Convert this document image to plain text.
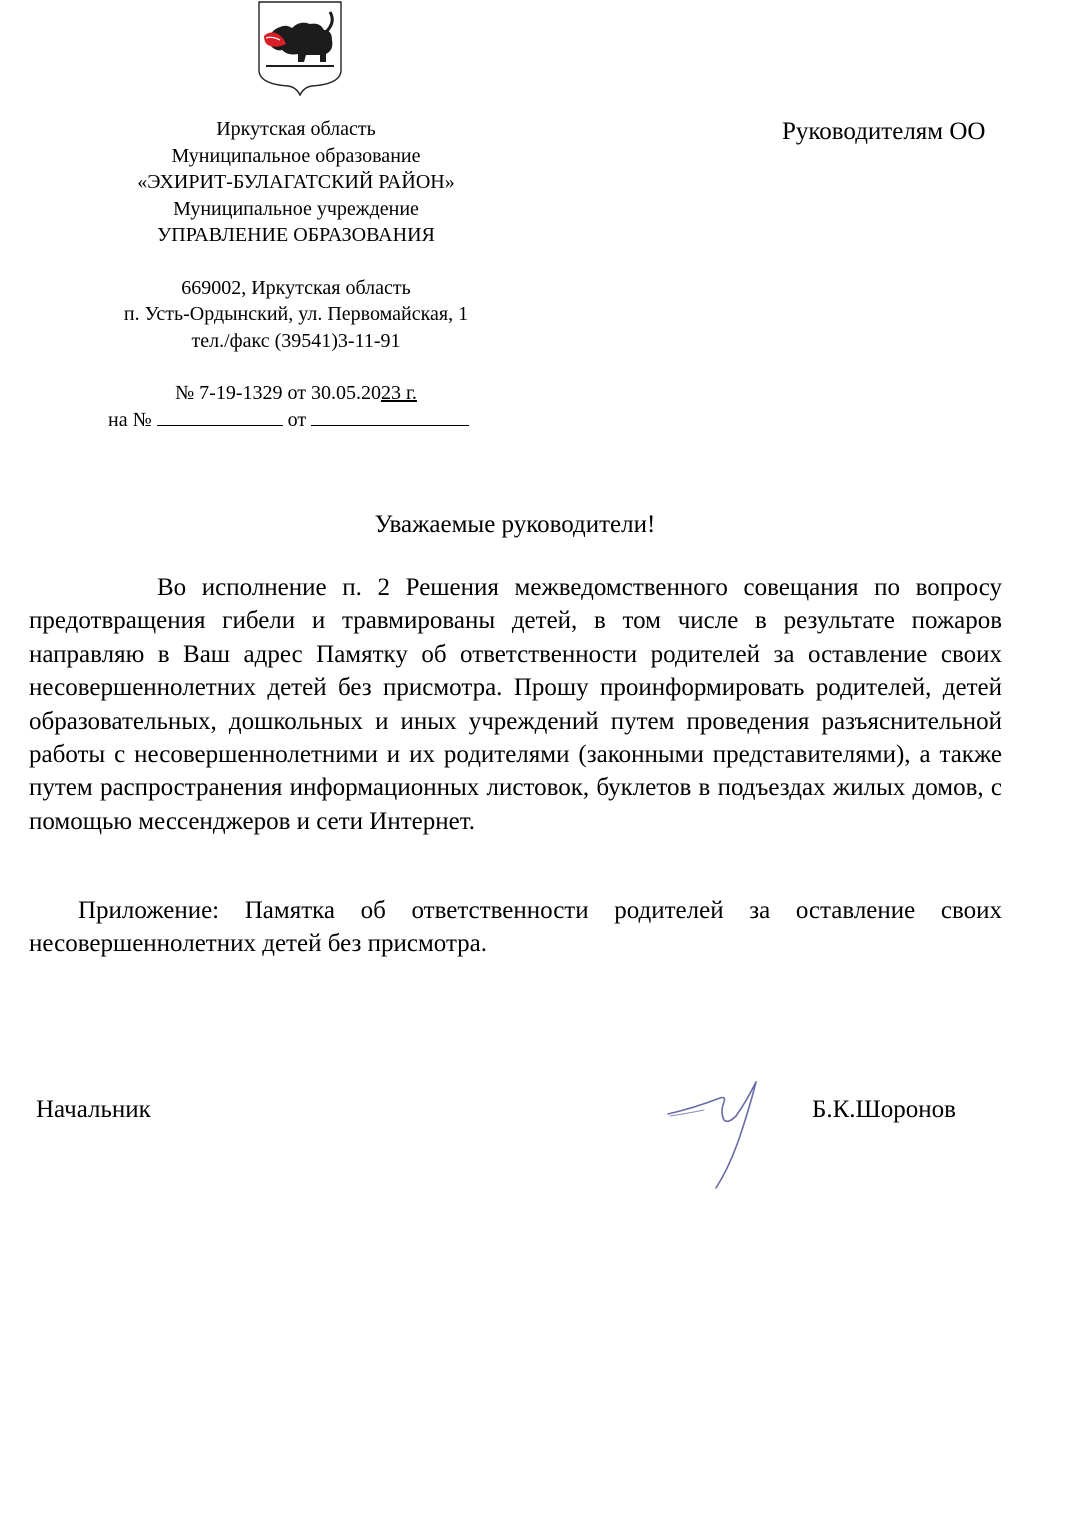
Иркутская область
Муниципальное образование
«ЭХИРИТ-БУЛАГАТСКИЙ РАЙОН»
Муниципальное учреждение
УПРАВЛЕНИЕ ОБРАЗОВАНИЯ
669002, Иркутская область
п. Усть-Ордынский, ул. Первомайская, 1
тел./факс (39541)3-11-91
№ 7-19-1329 от 30.05.2023 г.
на №	от
Руководителям ОО
Уважаемые руководители!

Во исполнение п. 2 Решения межведомственного совещания по вопросу предотвращения гибели и травмированы детей, в том числе в результате пожаров направляю в Ваш адрес Памятку об ответственности родителей за оставление своих несовершеннолетних детей без присмотра. Прошу проинформировать родителей, детей образовательных, дошкольных и иных учреждений путем проведения разъяснительной работы с несовершеннолетними и их родителями (законными представителями), а также путем распространения информационных листовок, буклетов в подъездах жилых домов, с помощью мессенджеров и сети Интернет.

Приложение: Памятка об ответственности родителей за оставление своих несовершеннолетних детей без присмотра.

Начальник	Б.К.Шоронов
